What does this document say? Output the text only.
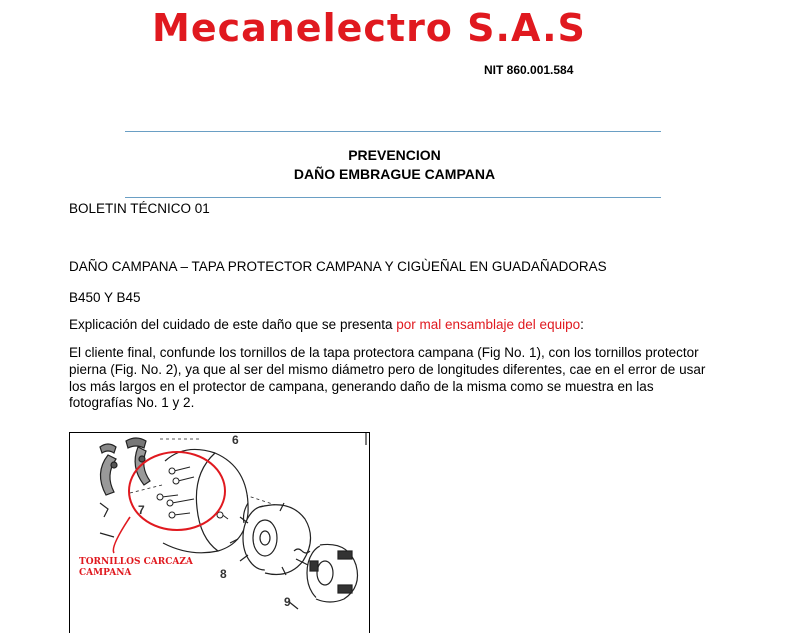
Mecanelectro S.A.S
NIT 860.001.584
PREVENCION
DAÑO EMBRAGUE CAMPANA
BOLETIN TÉCNICO 01
DAÑO CAMPANA – TAPA PROTECTOR CAMPANA Y CIGÙEÑAL EN GUADAÑADORAS
B450 Y B45
Explicación del cuidado de este daño que se presenta por mal ensamblaje del equipo:
El cliente final, confunde los tornillos de la tapa protectora campana (Fig No. 1), con los tornillos protector pierna (Fig. No. 2), ya que al ser del mismo diámetro pero de longitudes diferentes, cae en el error de usar los más largos en el protector de campana, generando daño de la misma como se muestra en las fotografías No. 1 y 2.
TORNILLOS CARCAZA
CAMPANA
6
7
8
9
